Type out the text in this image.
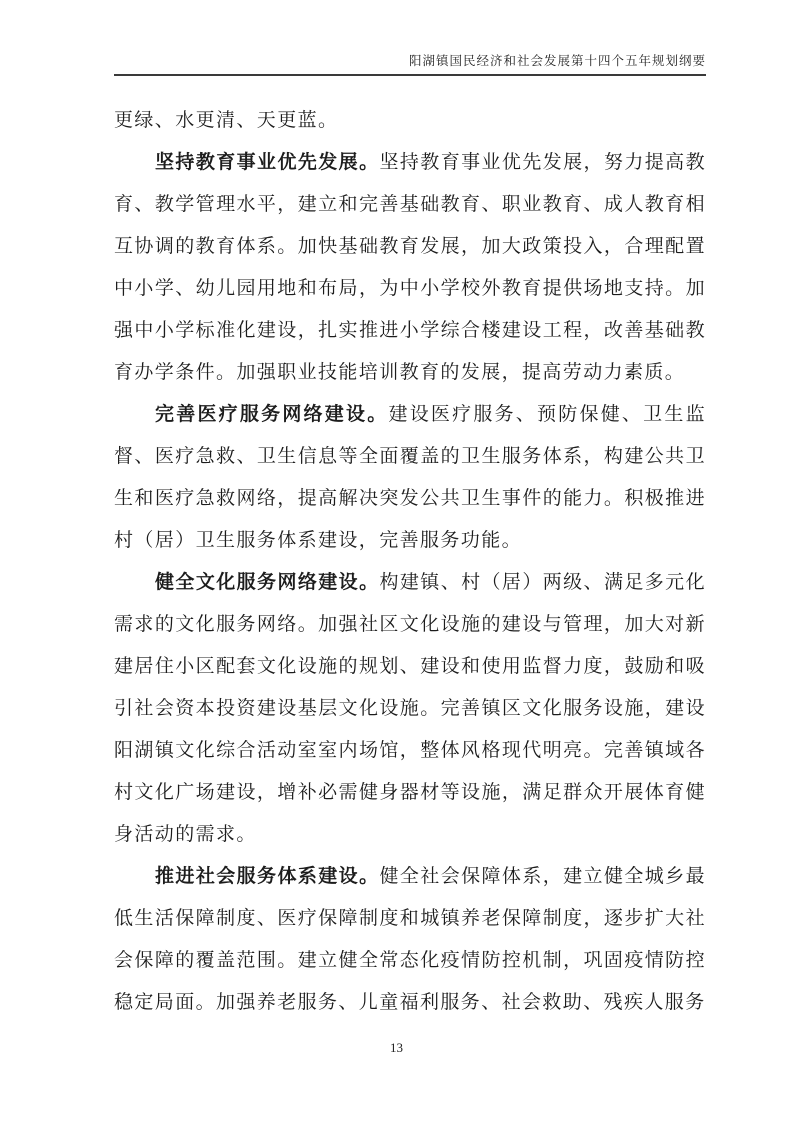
阳湖镇国民经济和社会发展第十四个五年规划纲要

更绿、水更清、天更蓝。

坚持教育事业优先发展。坚持教育事业优先发展，努力提高教育、教学管理水平，建立和完善基础教育、职业教育、成人教育相互协调的教育体系。加快基础教育发展，加大政策投入，合理配置中小学、幼儿园用地和布局，为中小学校外教育提供场地支持。加强中小学标准化建设，扎实推进小学综合楼建设工程，改善基础教育办学条件。加强职业技能培训教育的发展，提高劳动力素质。

完善医疗服务网络建设。建设医疗服务、预防保健、卫生监督、医疗急救、卫生信息等全面覆盖的卫生服务体系，构建公共卫生和医疗急救网络，提高解决突发公共卫生事件的能力。积极推进村（居）卫生服务体系建设，完善服务功能。

健全文化服务网络建设。构建镇、村（居）两级、满足多元化需求的文化服务网络。加强社区文化设施的建设与管理，加大对新建居住小区配套文化设施的规划、建设和使用监督力度，鼓励和吸引社会资本投资建设基层文化设施。完善镇区文化服务设施，建设阳湖镇文化综合活动室室内场馆，整体风格现代明亮。完善镇域各村文化广场建设，增补必需健身器材等设施，满足群众开展体育健身活动的需求。

推进社会服务体系建设。健全社会保障体系，建立健全城乡最低生活保障制度、医疗保障制度和城镇养老保障制度，逐步扩大社会保障的覆盖范围。建立健全常态化疫情防控机制，巩固疫情防控稳定局面。加强养老服务、儿童福利服务、社会救助、残疾人服务

13
